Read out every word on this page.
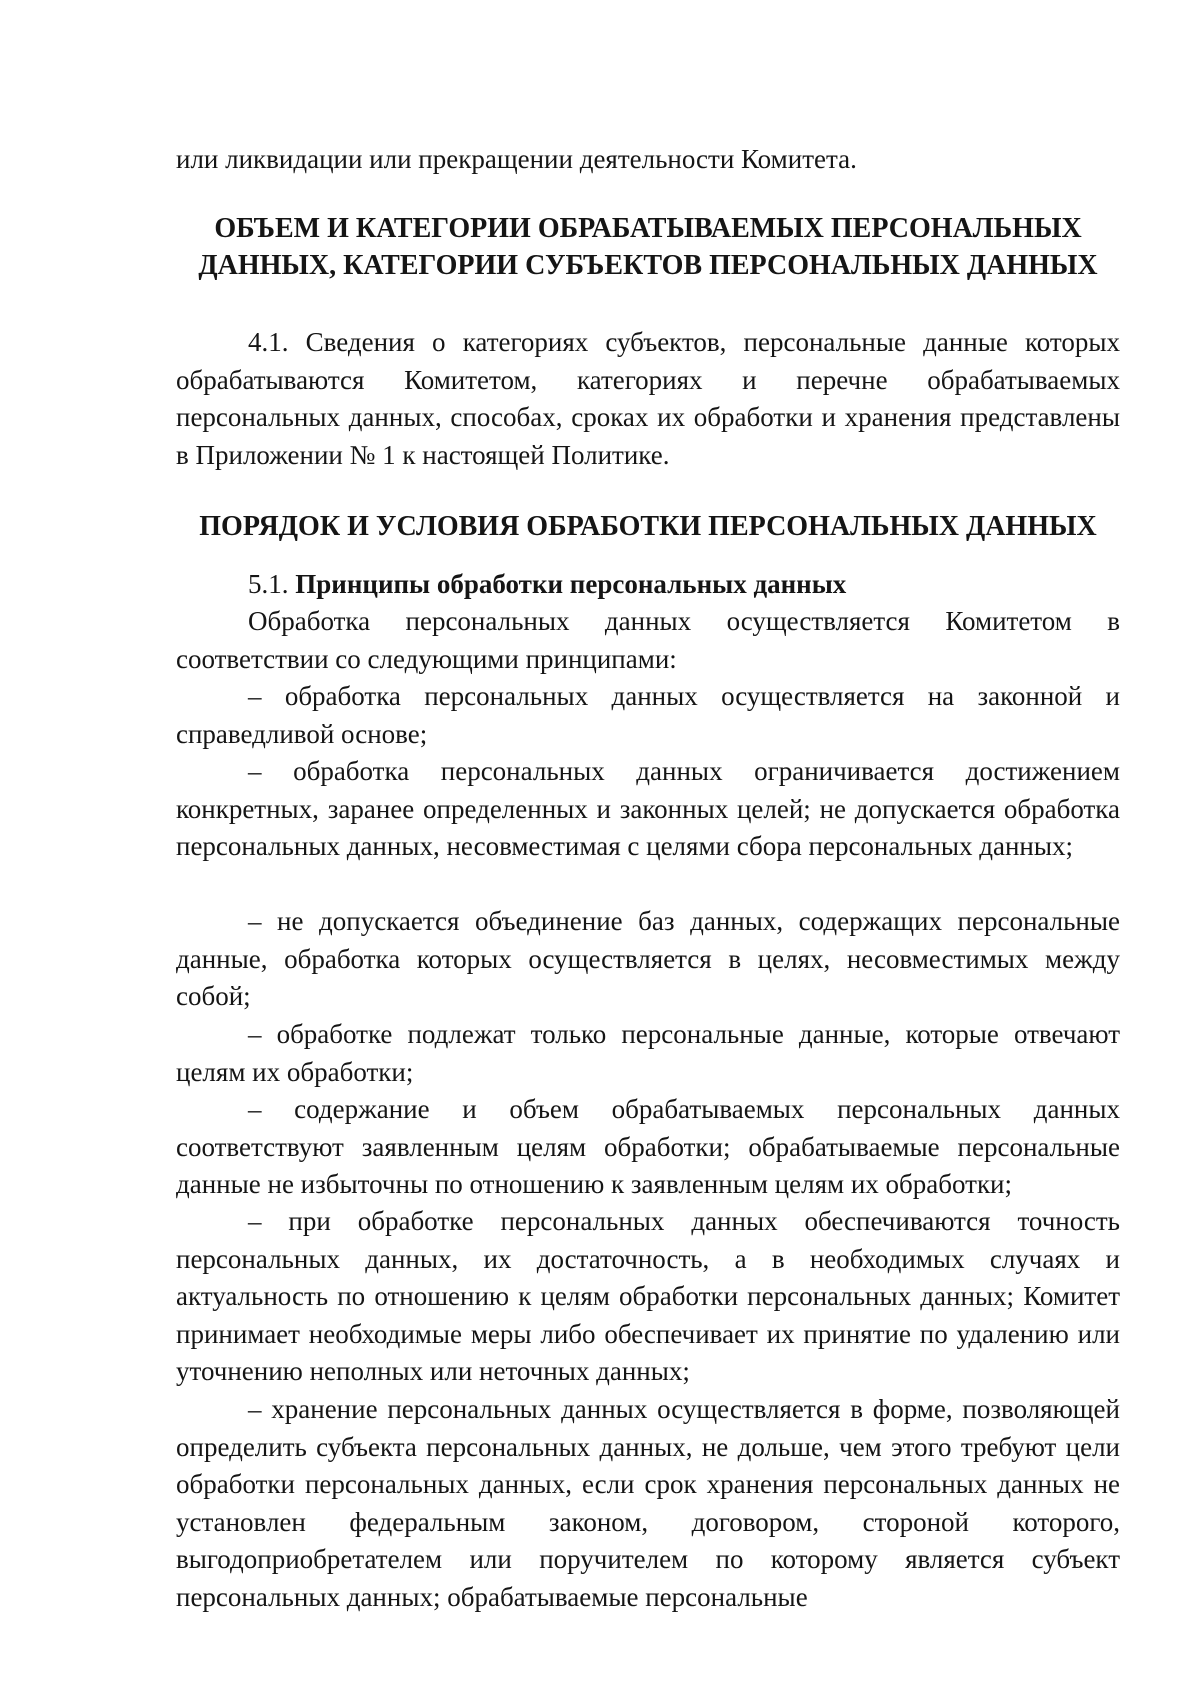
или ликвидации или прекращении деятельности Комитета.

ОБЪЕМ И КАТЕГОРИИ ОБРАБАТЫВАЕМЫХ ПЕРСОНАЛЬНЫХ
ДАННЫХ, КАТЕГОРИИ СУБЪЕКТОВ ПЕРСОНАЛЬНЫХ ДАННЫХ

4.1. Сведения о категориях субъектов, персональные данные которых обрабатываются Комитетом, категориях и перечне обрабатываемых персональных данных, способах, сроках их обработки и хранения представлены в Приложении № 1 к настоящей Политике.

ПОРЯДОК И УСЛОВИЯ ОБРАБОТКИ ПЕРСОНАЛЬНЫХ ДАННЫХ

5.1. Принципы обработки персональных данных

Обработка персональных данных осуществляется Комитетом в соответствии со следующими принципами:

– обработка персональных данных осуществляется на законной и справедливой основе;

– обработка персональных данных ограничивается достижением конкретных, заранее определенных и законных целей; не допускается обработка персональных данных, несовместимая с целями сбора персональных данных;

– не допускается объединение баз данных, содержащих персональные данные, обработка которых осуществляется в целях, несовместимых между собой;

– обработке подлежат только персональные данные, которые отвечают целям их обработки;

– содержание и объем обрабатываемых персональных данных соответствуют заявленным целям обработки; обрабатываемые персональные данные не избыточны по отношению к заявленным целям их обработки;

– при обработке персональных данных обеспечиваются точность персональных данных, их достаточность, а в необходимых случаях и актуальность по отношению к целям обработки персональных данных; Комитет принимает необходимые меры либо обеспечивает их принятие по удалению или уточнению неполных или неточных данных;

– хранение персональных данных осуществляется в форме, позволяющей определить субъекта персональных данных, не дольше, чем этого требуют цели обработки персональных данных, если срок хранения персональных данных не установлен федеральным законом, договором, стороной которого, выгодоприобретателем или поручителем по которому является субъект персональных данных; обрабатываемые персональные
